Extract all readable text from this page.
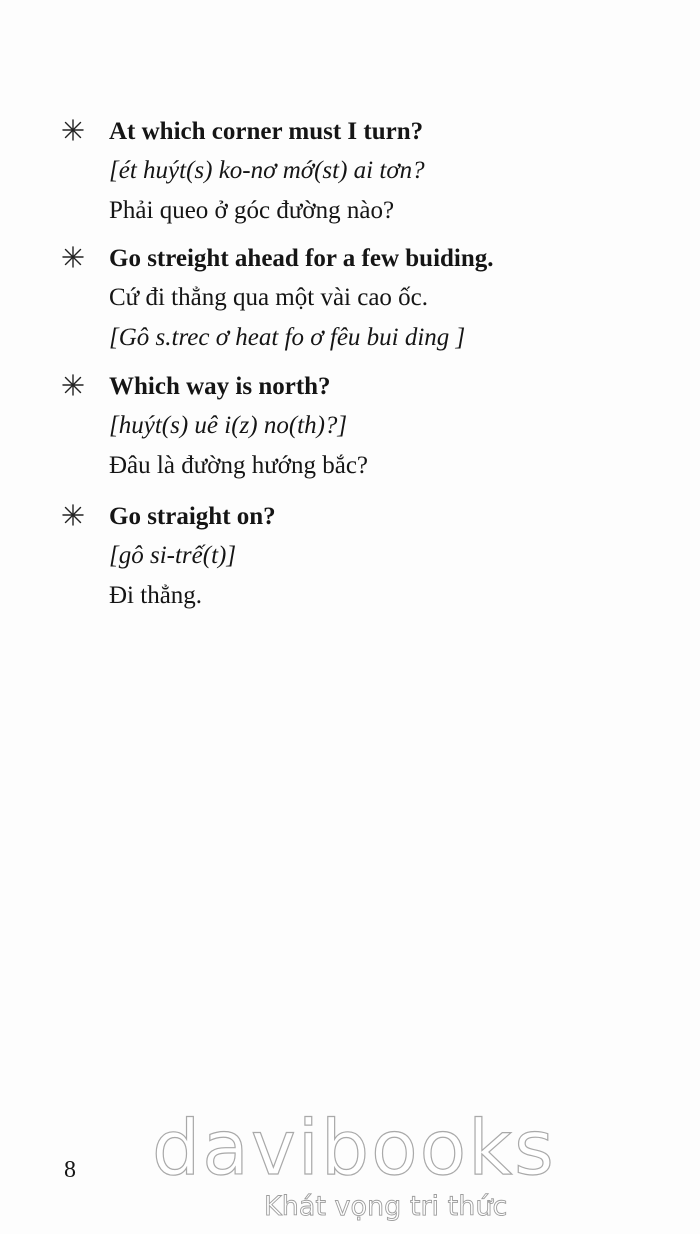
At which corner must I turn?
[ét huýt(s) ko-nơ mớ(st) ai tơn?
Phải queo ở góc đường nào?
Go streight ahead for a few buiding.
Cứ đi thẳng qua một vài cao ốc.
[Gô s.trec ơ heat fo ơ fêu bui ding ]
Which way is north?
[huýt(s) uê i(z) no(th)?]
Đâu là đường hướng bắc?
Go straight on?
[gô si-trế(t)]
Đi thẳng.
8 davibooks
Khát vọng tri thức
